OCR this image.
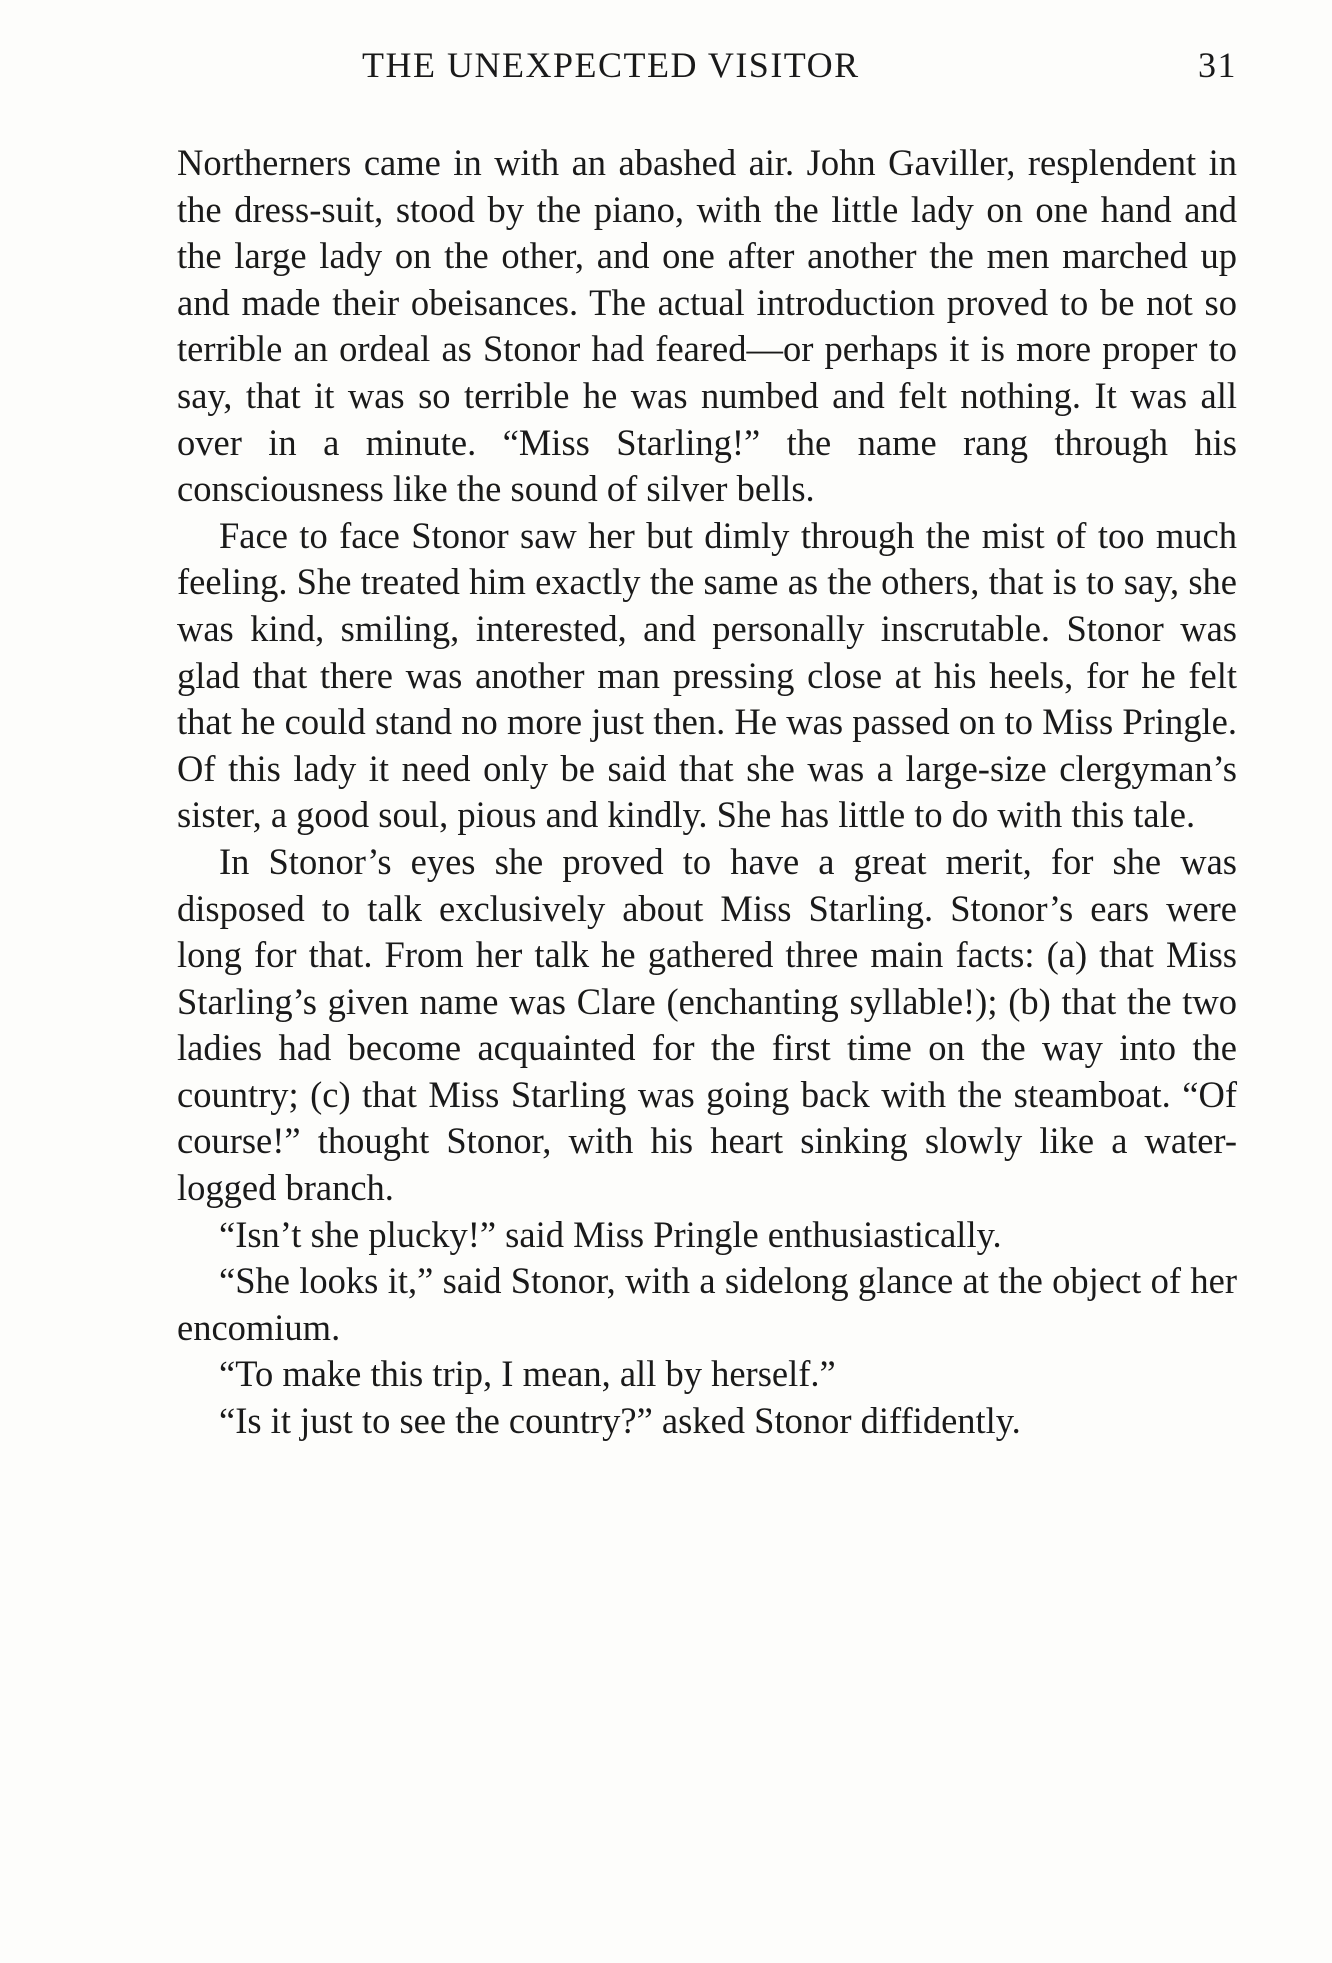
THE UNEXPECTED VISITOR	31

Northerners came in with an abashed air. John Gaviller, resplendent in the dress-suit, stood by the piano, with the little lady on one hand and the large lady on the other, and one after another the men marched up and made their obeisances. The actual introduction proved to be not so terrible an ordeal as Stonor had feared—or perhaps it is more proper to say, that it was so terrible he was numbed and felt nothing. It was all over in a minute. “Miss Starling!” the name rang through his consciousness like the sound of silver bells.

Face to face Stonor saw her but dimly through the mist of too much feeling. She treated him exactly the same as the others, that is to say, she was kind, smiling, interested, and personally inscrutable. Stonor was glad that there was another man pressing close at his heels, for he felt that he could stand no more just then. He was passed on to Miss Pringle. Of this lady it need only be said that she was a large-size clergyman’s sister, a good soul, pious and kindly. She has little to do with this tale.

In Stonor’s eyes she proved to have a great merit, for she was disposed to talk exclusively about Miss Starling. Stonor’s ears were long for that. From her talk he gathered three main facts: (a) that Miss Starling’s given name was Clare (enchanting syllable!); (b) that the two ladies had become acquainted for the first time on the way into the country; (c) that Miss Starling was going back with the steamboat. “Of course!” thought Stonor, with his heart sinking slowly like a water-logged branch.

“Isn’t she plucky!” said Miss Pringle enthusiastically.

“She looks it,” said Stonor, with a sidelong glance at the object of her encomium.

“To make this trip, I mean, all by herself.”

“Is it just to see the country?” asked Stonor diffidently.
